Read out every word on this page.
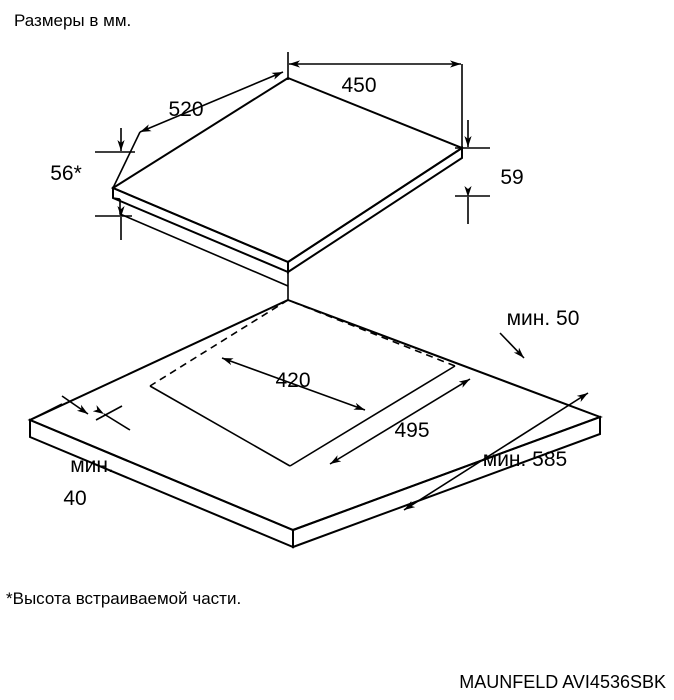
450
520
56*	59
420
495
мин. 50
мин. 585
мин.
40
Размеры в мм.
*Высота встраиваемой части.
MAUNFELD AVI4536SBK
